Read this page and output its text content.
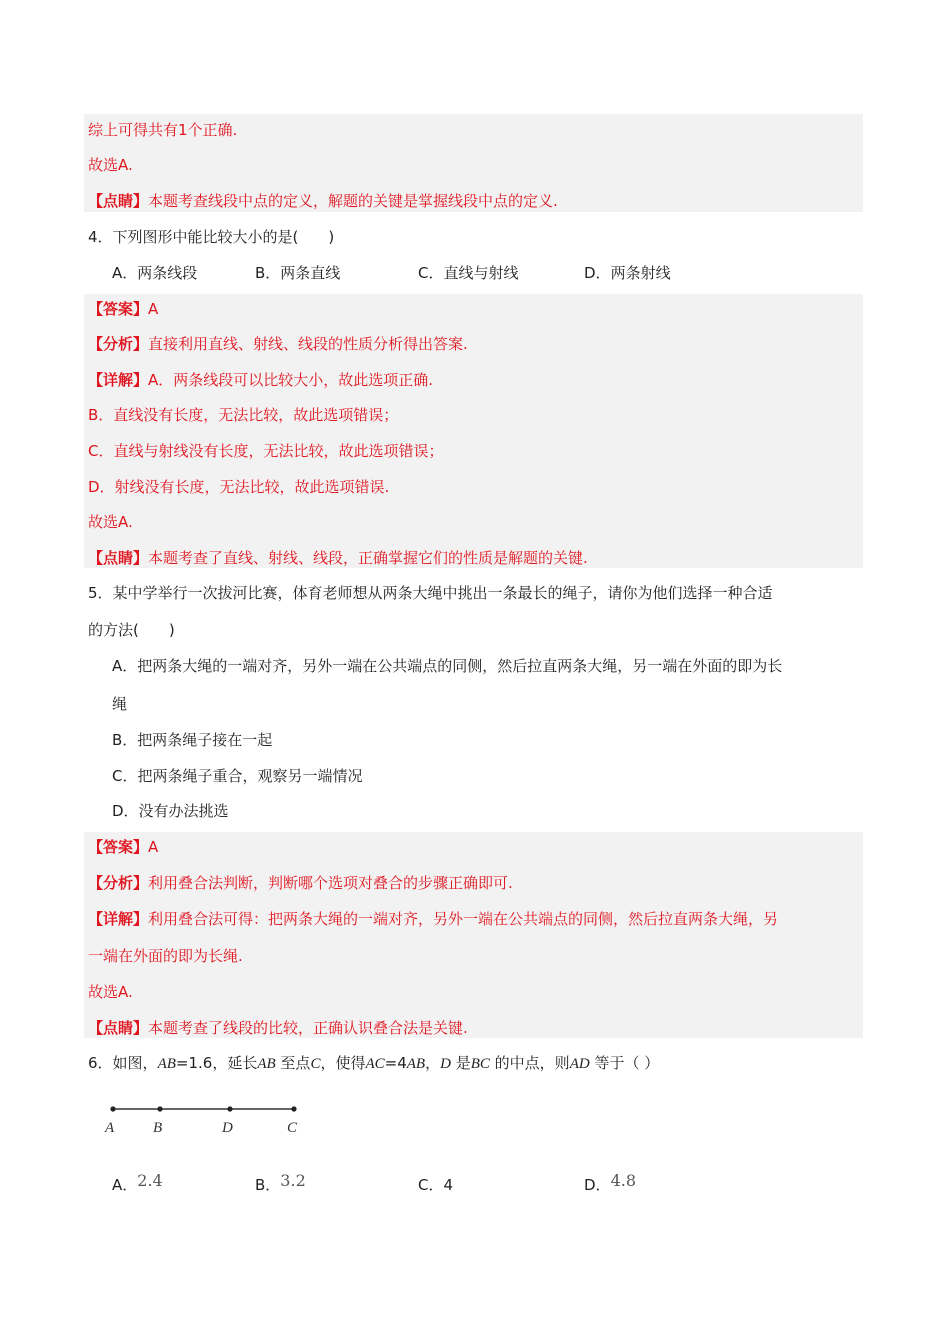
综上可得共有1个正确.
故选A.
【点睛】本题考查线段中点的定义，解题的关键是掌握线段中点的定义.
4．下列图形中能比较大小的是(　　)
A．两条线段	B．两条直线	C．直线与射线	D．两条射线
【答案】A
【分析】直接利用直线、射线、线段的性质分析得出答案.
【详解】A．两条线段可以比较大小，故此选项正确.
B．直线没有长度，无法比较，故此选项错误；
C．直线与射线没有长度，无法比较，故此选项错误；
D．射线没有长度，无法比较，故此选项错误.
故选A.
【点睛】本题考查了直线、射线、线段，正确掌握它们的性质是解题的关键.
5．某中学举行一次拔河比赛，体育老师想从两条大绳中挑出一条最长的绳子，请你为他们选择一种合适
的方法(　　)
A．把两条大绳的一端对齐，另外一端在公共端点的同侧，然后拉直两条大绳，另一端在外面的即为长
绳
B．把两条绳子接在一起
C．把两条绳子重合，观察另一端情况
D．没有办法挑选
【答案】A
【分析】利用叠合法判断，判断哪个选项对叠合的步骤正确即可.
【详解】利用叠合法可得：把两条大绳的一端对齐，另外一端在公共端点的同侧，然后拉直两条大绳，另
一端在外面的即为长绳.
故选A.
【点睛】本题考查了线段的比较，正确认识叠合法是关键.
6．如图，AB=1.6，延长AB 至点C，使得AC=4AB，D 是BC 的中点，则AD 等于（ ）
A	B	D	C
A．2.4	B．3.2	C．4	D．4.8
